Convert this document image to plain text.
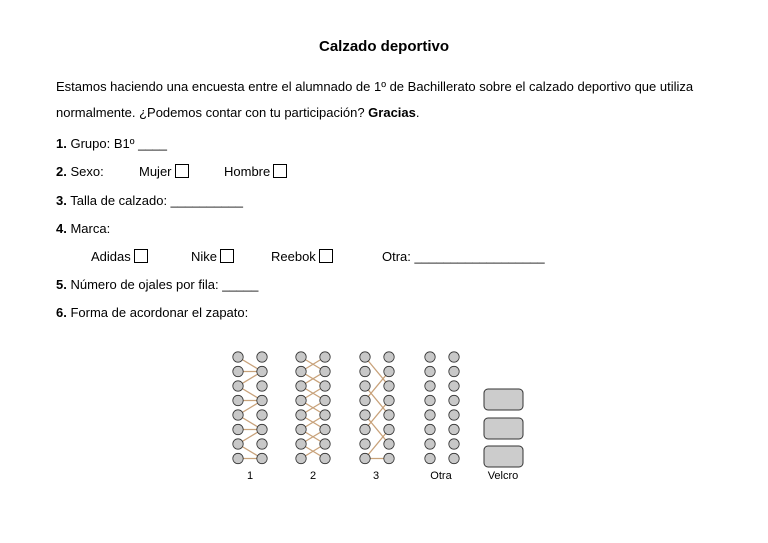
Calzado deportivo
Estamos haciendo una encuesta entre el alumnado de 1º de Bachillerato sobre el calzado deportivo que utiliza normalmente. ¿Podemos contar con tu participación? Gracias.
1. Grupo: B1º ____
2. Sexo:	Mujer	Hombre
3. Talla de calzado: __________
4. Marca:
Adidas	Nike	Reebok	Otra: __________________
5. Número de ojales por fila: _____
6. Forma de acordonar el zapato:
1	2	3	Otra	Velcro
